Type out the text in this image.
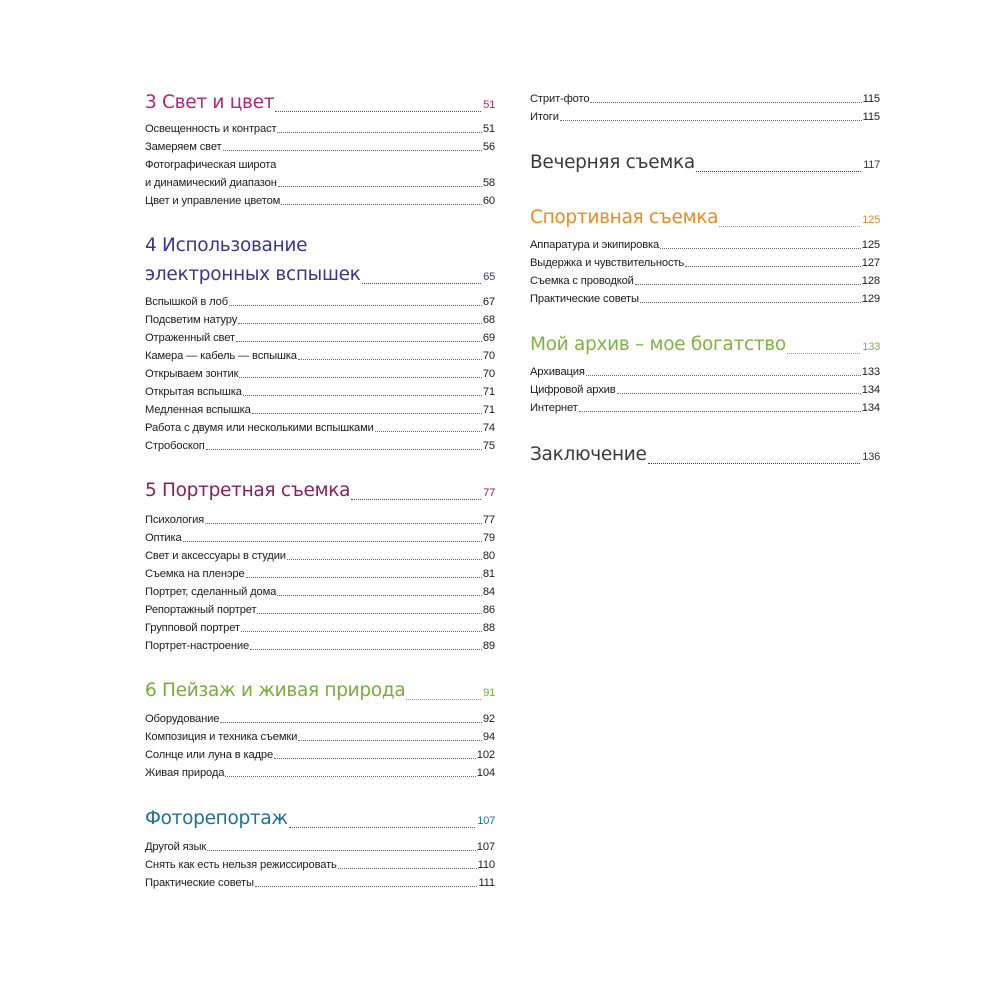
3 Свет и цвет	51
Освещенность и контраст	51
Замеряем свет	56
Фотографическая широта
и динамический диапазон	58
Цвет и управление цветом	60
4 Использование
электронных вспышек	65
Вспышкой в лоб	67
Подсветим натуру	68
Отраженный свет	69
Камера — кабель — вспышка	70
Открываем зонтик	70
Открытая вспышка	71
Медленная вспышка	71
Работа с двумя или несколькими вспышками	74
Стробоскоп	75
5 Портретная съемка	77
Психология	77
Оптика	79
Свет и аксессуары в студии	80
Съемка на пленэре	81
Портрет, сделанный дома	84
Репортажный портрет	86
Групповой портрет	88
Портрет-настроение	89
6 Пейзаж и живая природа	91
Оборудование	92
Композиция и техника съемки	94
Солнце или луна в кадре	102
Живая природа	104
Фоторепортаж	107
Другой язык	107
Снять как есть нельзя режиссировать	110
Практические советы	111
Стрит-фото	115
Итоги	115
Вечерняя съемка	117
Спортивная съемка	125
Аппаратура и экипировка	125
Выдержка и чувствительность	127
Съемка с проводкой	128
Практические советы	129
Мой архив – мое богатство	133
Архивация	133
Цифровой архив	134
Интернет	134
Заключение	136
